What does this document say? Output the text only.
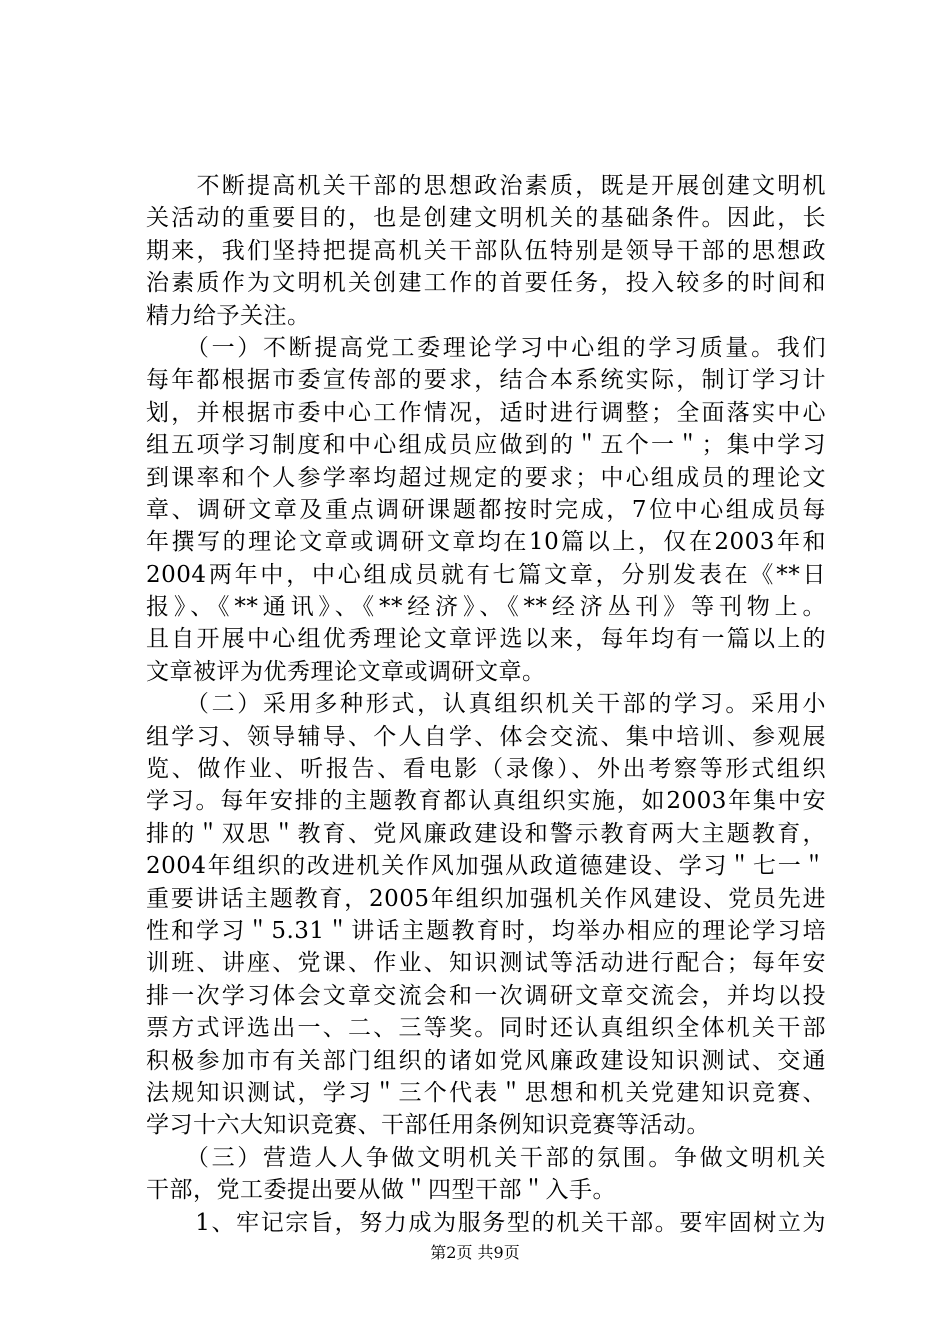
　　不断提高机关干部的思想政治素质，既是开展创建文明机
关活动的重要目的，也是创建文明机关的基础条件。因此，长
期来，我们坚持把提高机关干部队伍特别是领导干部的思想政
治素质作为文明机关创建工作的首要任务，投入较多的时间和
精力给予关注。
　　（一）不断提高党工委理论学习中心组的学习质量。我们
每年都根据市委宣传部的要求，结合本系统实际，制订学习计
划，并根据市委中心工作情况，适时进行调整；全面落实中心
组五项学习制度和中心组成员应做到的＂五个一＂；集中学习
到课率和个人参学率均超过规定的要求；中心组成员的理论文
章、调研文章及重点调研课题都按时完成，7位中心组成员每
年撰写的理论文章或调研文章均在10篇以上，仅在2003年和
2004两年中，中心组成员就有七篇文章，分别发表在《**日
报》、《**通讯》、《**经济》、《**经济丛刊》等刊物上。
且自开展中心组优秀理论文章评选以来，每年均有一篇以上的
文章被评为优秀理论文章或调研文章。
　　（二）采用多种形式，认真组织机关干部的学习。采用小
组学习、领导辅导、个人自学、体会交流、集中培训、参观展
览、做作业、听报告、看电影（录像）、外出考察等形式组织
学习。每年安排的主题教育都认真组织实施，如2003年集中安
排的＂双思＂教育、党风廉政建设和警示教育两大主题教育，
2004年组织的改进机关作风加强从政道德建设、学习＂七一＂
重要讲话主题教育，2005年组织加强机关作风建设、党员先进
性和学习＂5.31＂讲话主题教育时，均举办相应的理论学习培
训班、讲座、党课、作业、知识测试等活动进行配合；每年安
排一次学习体会文章交流会和一次调研文章交流会，并均以投
票方式评选出一、二、三等奖。同时还认真组织全体机关干部
积极参加市有关部门组织的诸如党风廉政建设知识测试、交通
法规知识测试，学习＂三个代表＂思想和机关党建知识竞赛、
学习十六大知识竞赛、干部任用条例知识竞赛等活动。
　　（三）营造人人争做文明机关干部的氛围。争做文明机关
干部，党工委提出要从做＂四型干部＂入手。
　　1、牢记宗旨，努力成为服务型的机关干部。要牢固树立为
第2页 共9页
